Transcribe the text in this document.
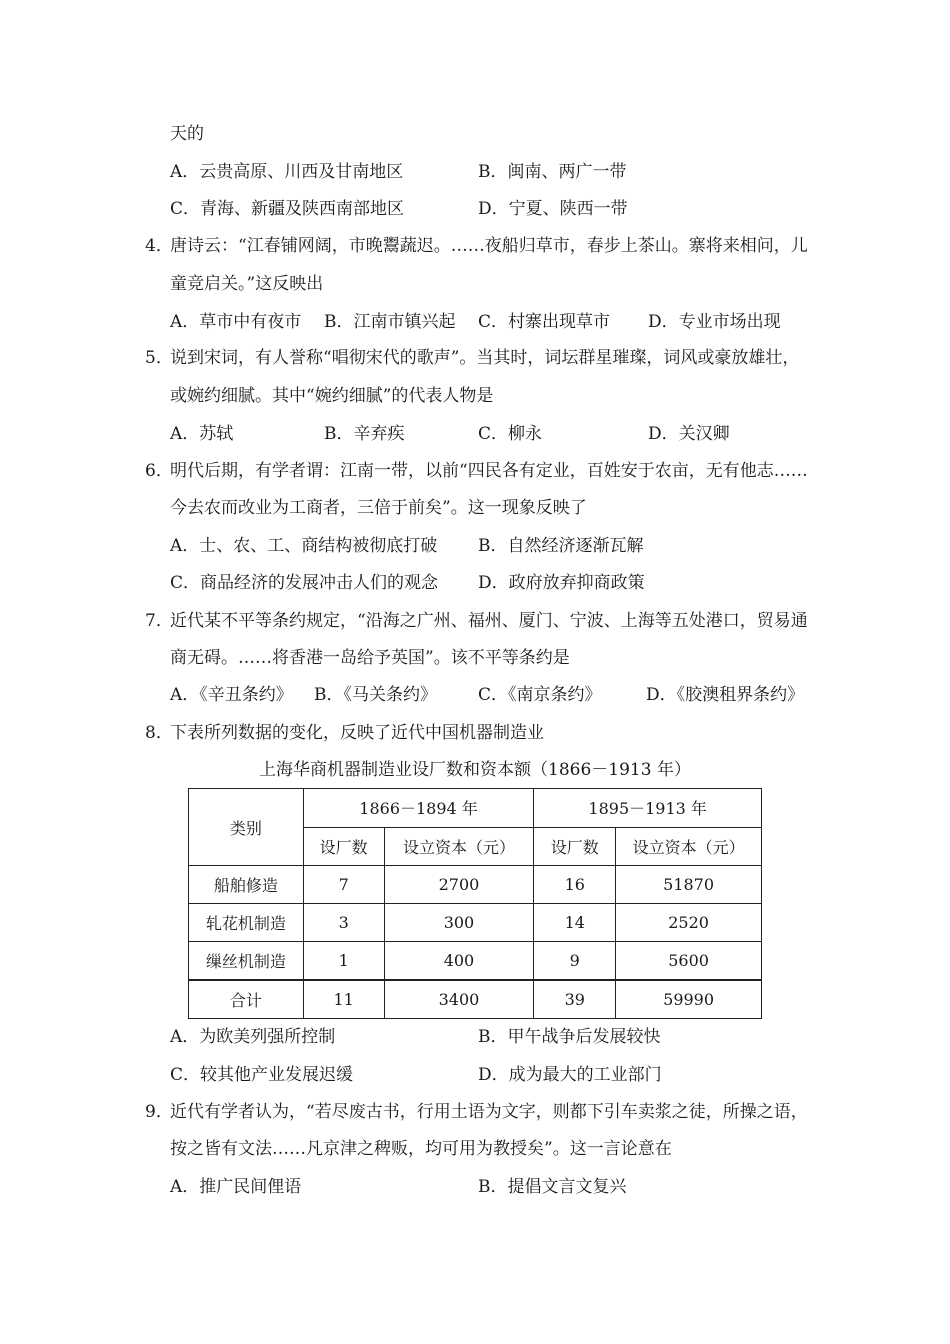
天的
A．云贵高原、川西及甘南地区	B．闽南、两广一带
C．青海、新疆及陕西南部地区	D．宁夏、陕西一带
4．
唐诗云：“江春铺网阔，市晚鬻蔬迟。……夜船归草市，春步上茶山。寨将来相问，儿
童竞启关。”这反映出
A．草市中有夜市 B．江南市镇兴起 C．村寨出现草市 D．专业市场出现
5．
说到宋词，有人誉称“唱彻宋代的歌声”。当其时，词坛群星璀璨，词风或豪放雄壮，
或婉约细腻。其中“婉约细腻”的代表人物是
A．苏轼	B．辛弃疾	C．柳永	D．关汉卿
6．
明代后期，有学者谓：江南一带，以前“四民各有定业，百姓安于农亩，无有他志……
今去农而改业为工商者，三倍于前矣”。这一现象反映了
A．士、农、工、商结构被彻底打破 B．自然经济逐渐瓦解
C．商品经济的发展冲击人们的观念 D．政府放弃抑商政策
7．
近代某不平等条约规定，“沿海之广州、福州、厦门、宁波、上海等五处港口，贸易通
商无碍。……将香港一岛给予英国”。该不平等条约是
A．《辛丑条约》 B．《马关条约》 C．《南京条约》	D．《胶澳租界条约》
8．
下表所列数据的变化，反映了近代中国机器制造业
上海华商机器制造业设厂数和资本额（1866－1913 年）
类别	1866－1894 年		1895－1913 年	
	设厂数	设立资本（元）	设厂数	设立资本（元）
船舶修造	7	2700	16	51870
轧花机制造	3	300	14	2520
缫丝机制造	1	400	9	5600
合计	11	3400	39	59990
A．为欧美列强所控制	B．甲午战争后发展较快
C．较其他产业发展迟缓	D．成为最大的工业部门
9．
近代有学者认为，“若尽废古书，行用土语为文字，则都下引车卖浆之徒，所操之语，
按之皆有文法……凡京津之稗贩，均可用为教授矣”。这一言论意在
A．推广民间俚语	B．提倡文言文复兴
